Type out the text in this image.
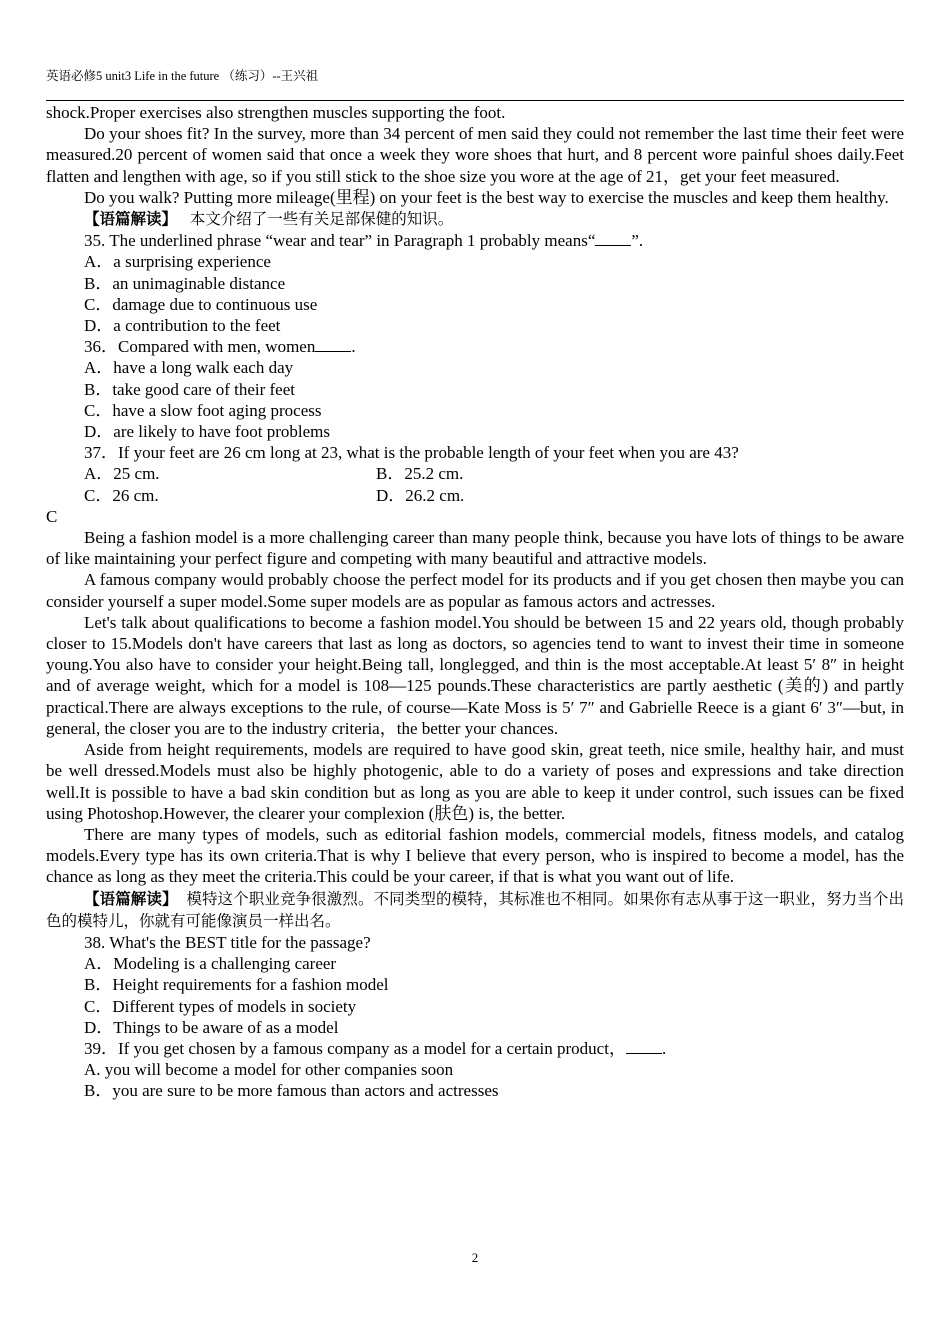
英语必修5 unit3 Life in the future （练习）--王兴祖

shock.Proper exercises also strengthen muscles supporting the foot.

Do your shoes fit? In the survey, more than 34 percent of men said they could not remember the last time their feet were measured.20 percent of women said that once a week they wore shoes that hurt, and 8 percent wore painful shoes daily.Feet flatten and lengthen with age, so if you still stick to the shoe size you wore at the age of 21，get your feet measured.

Do you walk? Putting more mileage(里程) on your feet is the best way to exercise the muscles and keep them healthy.

【语篇解读】 本文介绍了一些有关足部保健的知识。

35. The underlined phrase “wear and tear” in Paragraph 1 probably means“ ”.

A．a surprising experience

B．an unimaginable distance

C．damage due to continuous use

D．a contribution to the feet

36．Compared with men, women .

A．have a long walk each day

B．take good care of their feet

C．have a slow foot aging process

D．are likely to have foot problems

37．If your feet are 26 cm long at 23, what is the probable length of your feet when you are 43?

A．25 cm.	B．25.2 cm.
C．26 cm.	D．26.2 cm.

C

Being a fashion model is a more challenging career than many people think, because you have lots of things to be aware of like maintaining your perfect figure and competing with many beautiful and attractive models.

A famous company would probably choose the perfect model for its products and if you get chosen then maybe you can consider yourself a super model.Some super models are as popular as famous actors and actresses.

Let's talk about qualifications to become a fashion model.You should be between 15 and 22 years old, though probably closer to 15.Models don't have careers that last as long as doctors, so agencies tend to want to invest their time in someone young.You also have to consider your height.Being tall, longlegged, and thin is the most acceptable.At least 5′ 8″ in height and of average weight, which for a model is 108—125 pounds.These characteristics are partly aesthetic (美的) and partly practical.There are always exceptions to the rule, of course—Kate Moss is 5′ 7″ and Gabrielle Reece is a giant 6′ 3″—but, in general, the closer you are to the industry criteria，the better your chances.

Aside from height requirements, models are required to have good skin, great teeth, nice smile, healthy hair, and must be well dressed.Models must also be highly photogenic, able to do a variety of poses and expressions and take direction well.It is possible to have a bad skin condition but as long as you are able to keep it under control, such issues can be fixed using Photoshop.However, the clearer your complexion (肤色) is, the better.

There are many types of models, such as editorial fashion models, commercial models, fitness models, and catalog models.Every type has its own criteria.That is why I believe that every person, who is inspired to become a model, has the chance as long as they meet the criteria.This could be your career, if that is what you want out of life.

【语篇解读】 模特这个职业竞争很激烈。不同类型的模特，其标准也不相同。如果你有志从事于这一职业，努力当个出色的模特儿，你就有可能像演员一样出名。

38. What's the BEST title for the passage?

A．Modeling is a challenging career

B．Height requirements for a fashion model

C．Different types of models in society

D．Things to be aware of as a model

39．If you get chosen by a famous company as a model for a certain product， .

A. you will become a model for other companies soon

B．you are sure to be more famous than actors and actresses

2
